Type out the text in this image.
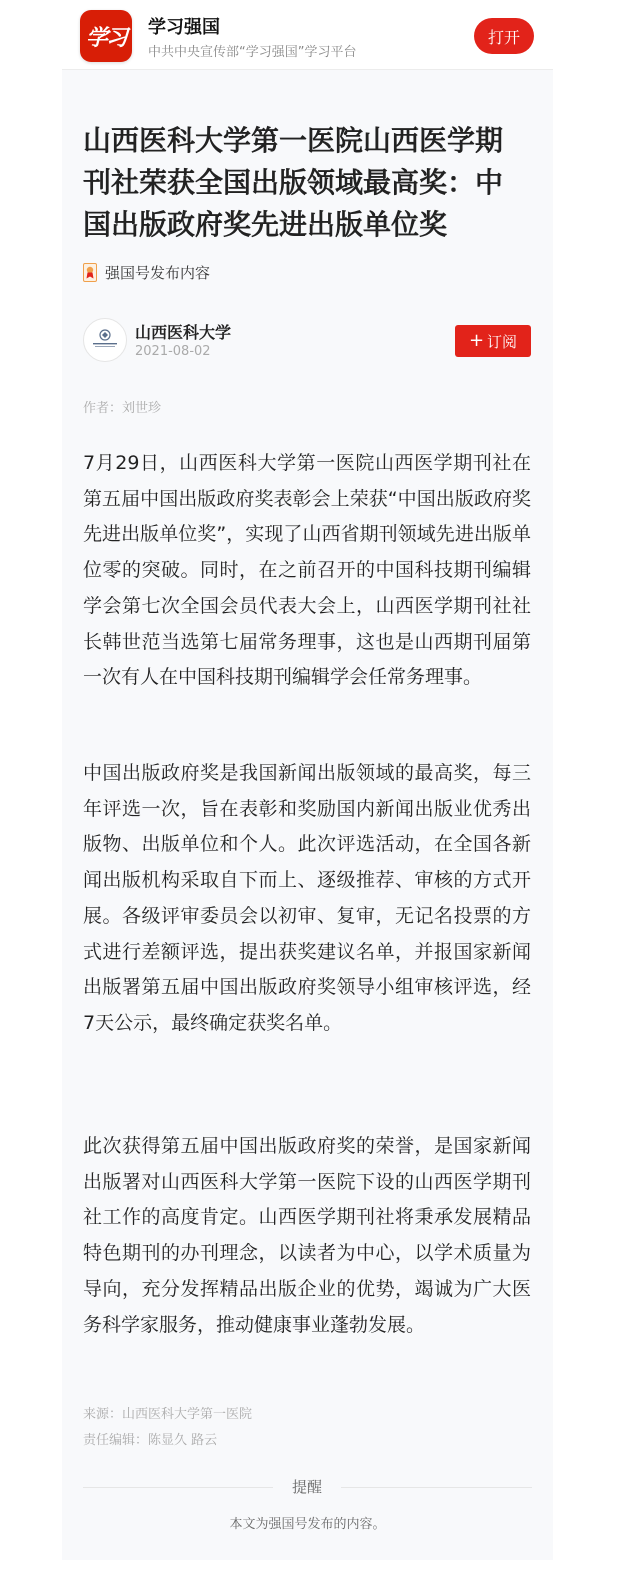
学习	学习强国
中共中央宣传部“学习强国”学习平台
打开
山西医科大学第一医院山西医学期刊社荣获全国出版领域最高奖：中国出版政府奖先进出版单位奖
强国号发布内容
山西医科大学
2021-08-02
+ 订阅
作者：刘世珍

7月29日，山西医科大学第一医院山西医学期刊社在第五届中国出版政府奖表彰会上荣获“中国出版政府奖先进出版单位奖”，实现了山西省期刊领域先进出版单位零的突破。同时，在之前召开的中国科技期刊编辑学会第七次全国会员代表大会上，山西医学期刊社社长韩世范当选第七届常务理事，这也是山西期刊届第一次有人在中国科技期刊编辑学会任常务理事。

中国出版政府奖是我国新闻出版领域的最高奖，每三年评选一次，旨在表彰和奖励国内新闻出版业优秀出版物、出版单位和个人。此次评选活动，在全国各新闻出版机构采取自下而上、逐级推荐、审核的方式开展。各级评审委员会以初审、复审，无记名投票的方式进行差额评选，提出获奖建议名单，并报国家新闻出版署第五届中国出版政府奖领导小组审核评选，经7天公示，最终确定获奖名单。

此次获得第五届中国出版政府奖的荣誉，是国家新闻出版署对山西医科大学第一医院下设的山西医学期刊社工作的高度肯定。山西医学期刊社将秉承发展精品特色期刊的办刊理念，以读者为中心，以学术质量为导向，充分发挥精品出版企业的优势，竭诚为广大医务科学家服务，推动健康事业蓬勃发展。

来源：山西医科大学第一医院
责任编辑：陈显久 路云
提醒
本文为强国号发布的内容。
